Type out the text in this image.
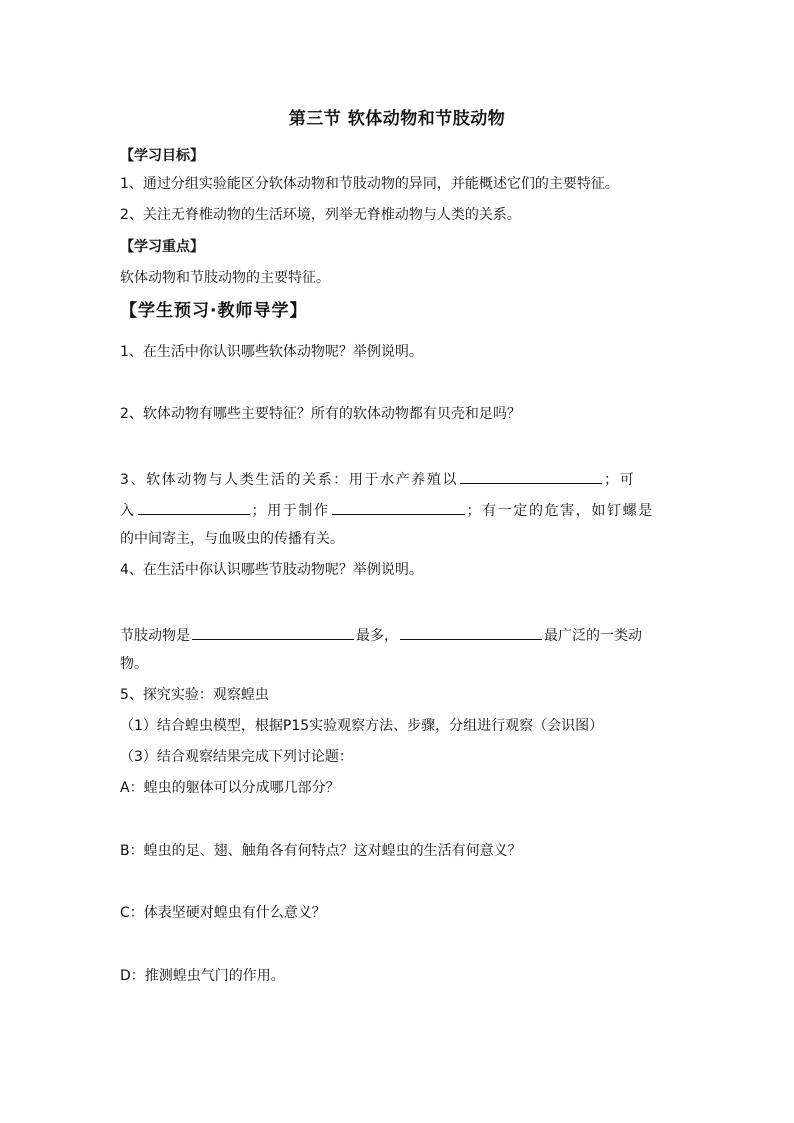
第三节 软体动物和节肢动物
【学习目标】
1、通过分组实验能区分软体动物和节肢动物的异同，并能概述它们的主要特征。
2、关注无脊椎动物的生活环境，列举无脊椎动物与人类的关系。
【学习重点】
软体动物和节肢动物的主要特征。
【学生预习·教师导学】
1、在生活中你认识哪些软体动物呢？举例说明。
2、软体动物有哪些主要特征？所有的软体动物都有贝壳和足吗？
3、软体动物与人类生活的关系：用于水产养殖以	；可
入	；用于制作	；有一定的危害，如钉螺是
的中间寄主，与血吸虫的传播有关。
4、在生活中你认识哪些节肢动物呢？举例说明。
节肢动物是	最多，	最广泛的一类动
物。
5、探究实验：观察蝗虫
（1）结合蝗虫模型，根据P15实验观察方法、步骤，分组进行观察（会识图）
（3）结合观察结果完成下列讨论题：
A：蝗虫的躯体可以分成哪几部分？
B：蝗虫的足、翅、触角各有何特点？这对蝗虫的生活有何意义？
C：体表坚硬对蝗虫有什么意义？
D：推测蝗虫气门的作用。
